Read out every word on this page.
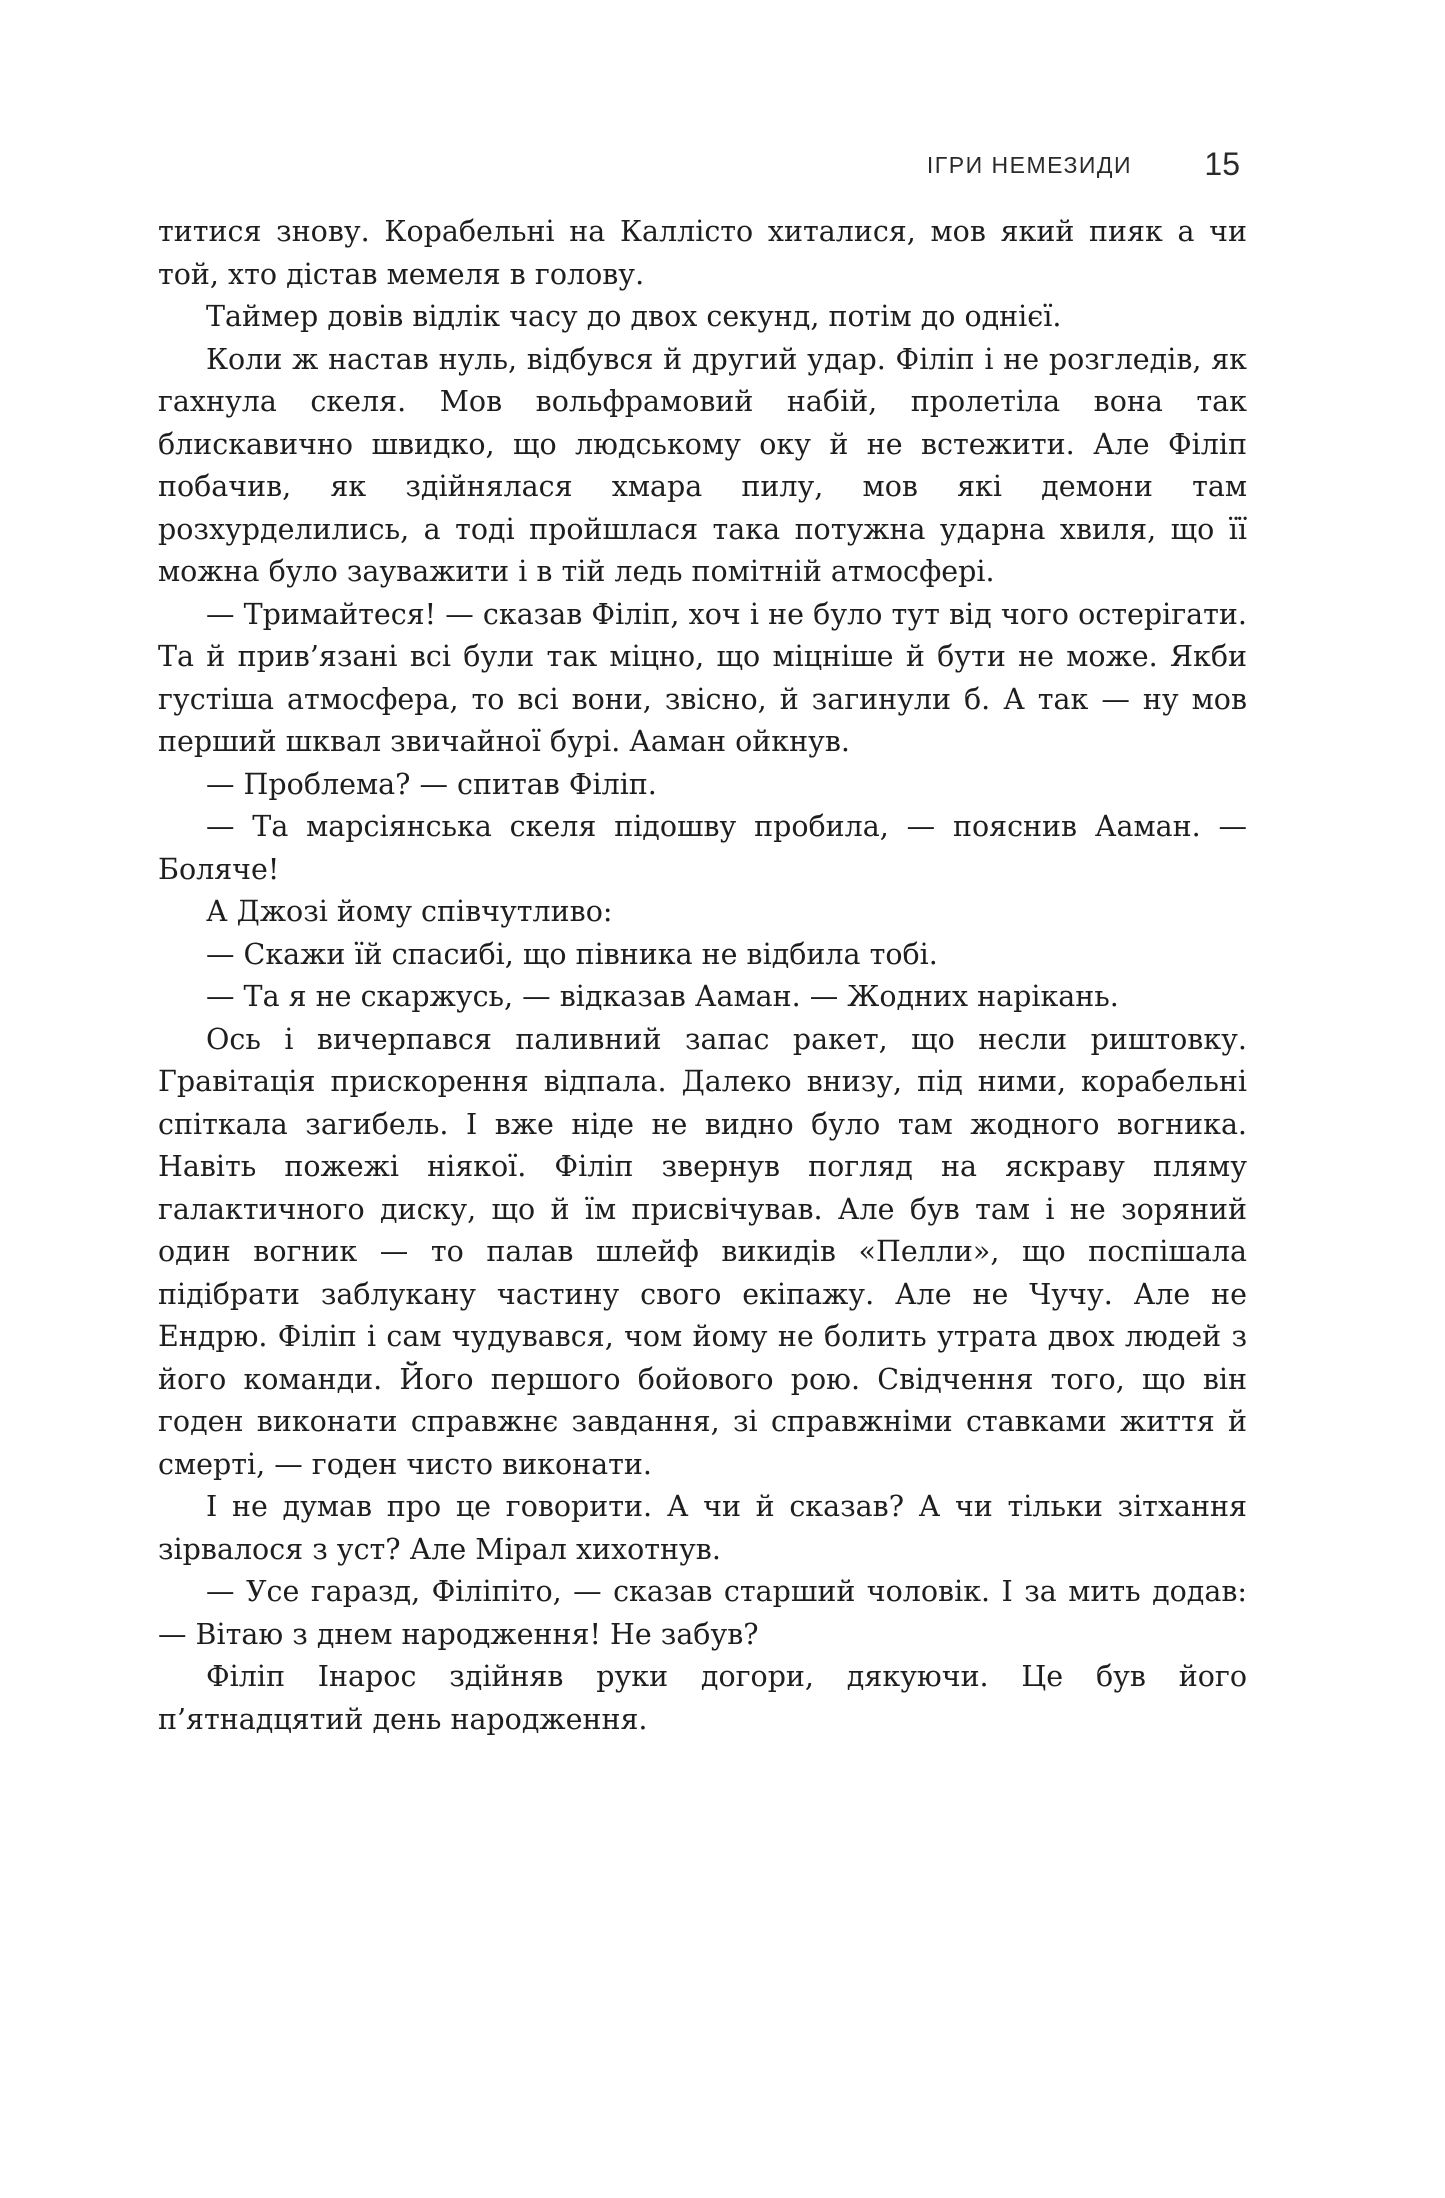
ІГРИ НЕМЕЗИДИ 15

титися знову. Корабельні на Каллісто хиталися, мов який пияк а чи той, хто дістав мемеля в голову.

Таймер довів відлік часу до двох секунд, потім до однієї.

Коли ж настав нуль, відбувся й другий удар. Філіп і не розгледів, як гахнула скеля. Мов вольфрамовий набій, пролетіла вона так блискавично швидко, що людському оку й не встежити. Але Філіп побачив, як здійнялася хмара пилу, мов які демони там розхурделились, а тоді пройшлася така потужна ударна хвиля, що її можна було зауважити і в тій ледь помітній атмосфері.

— Тримайтеся! — сказав Філіп, хоч і не було тут від чого остерігати. Та й прив’язані всі були так міцно, що міцніше й бути не може. Якби густіша атмосфера, то всі вони, звісно, й загинули б. А так — ну мов перший шквал звичайної бурі. Ааман ойкнув.

— Проблема? — спитав Філіп.

— Та марсіянська скеля підошву пробила, — пояснив Ааман. — Боляче!

А Джозі йому співчутливо:

— Скажи їй спасибі, що півника не відбила тобі.

— Та я не скаржусь, — відказав Ааман. — Жодних нарікань.

Ось і вичерпався паливний запас ракет, що несли риштовку. Гравітація прискорення відпала. Далеко внизу, під ними, корабельні спіткала загибель. І вже ніде не видно було там жодного вогника. Навіть пожежі ніякої. Філіп звернув погляд на яскраву пляму галактичного диску, що й їм присвічував. Але був там і не зоряний один вогник — то палав шлейф викидів «Пелли», що поспішала підібрати заблукану частину свого екіпажу. Але не Чучу. Але не Ендрю. Філіп і сам чудувався, чом йому не болить утрата двох людей з його команди. Його першого бойового рою. Свідчення того, що він годен виконати справжнє завдання, зі справжніми ставками життя й смерті, — годен чисто виконати.

І не думав про це говорити. А чи й сказав? А чи тільки зітхання зірвалося з уст? Але Мірал хихотнув.

— Усе гаразд, Філіпіто, — сказав старший чоловік. І за мить додав: — Вітаю з днем народження! Не забув?

Філіп Інарос здійняв руки догори, дякуючи. Це був його п’ятнадцятий день народження.
